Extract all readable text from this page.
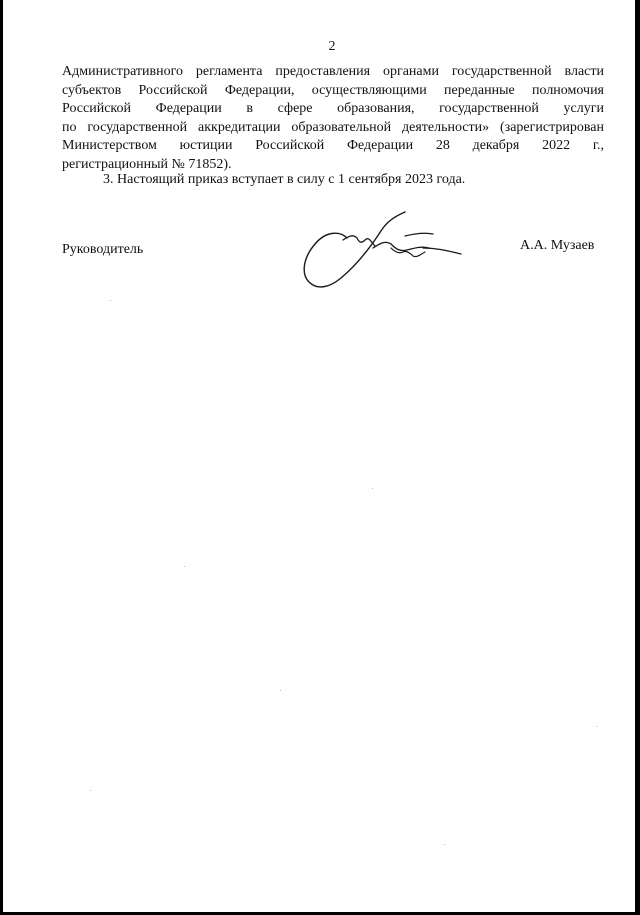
2
Административного регламента предоставления органами государственной власти
субъектов Российской Федерации, осуществляющими переданные полномочия
Российской Федерации в сфере образования, государственной услуги
по государственной аккредитации образовательной деятельности» (зарегистрирован
Министерством юстиции Российской Федерации 28 декабря 2022 г.,
регистрационный № 71852).
3. Настоящий приказ вступает в силу с 1 сентября 2023 года.
Руководитель	А.А. Музаев
